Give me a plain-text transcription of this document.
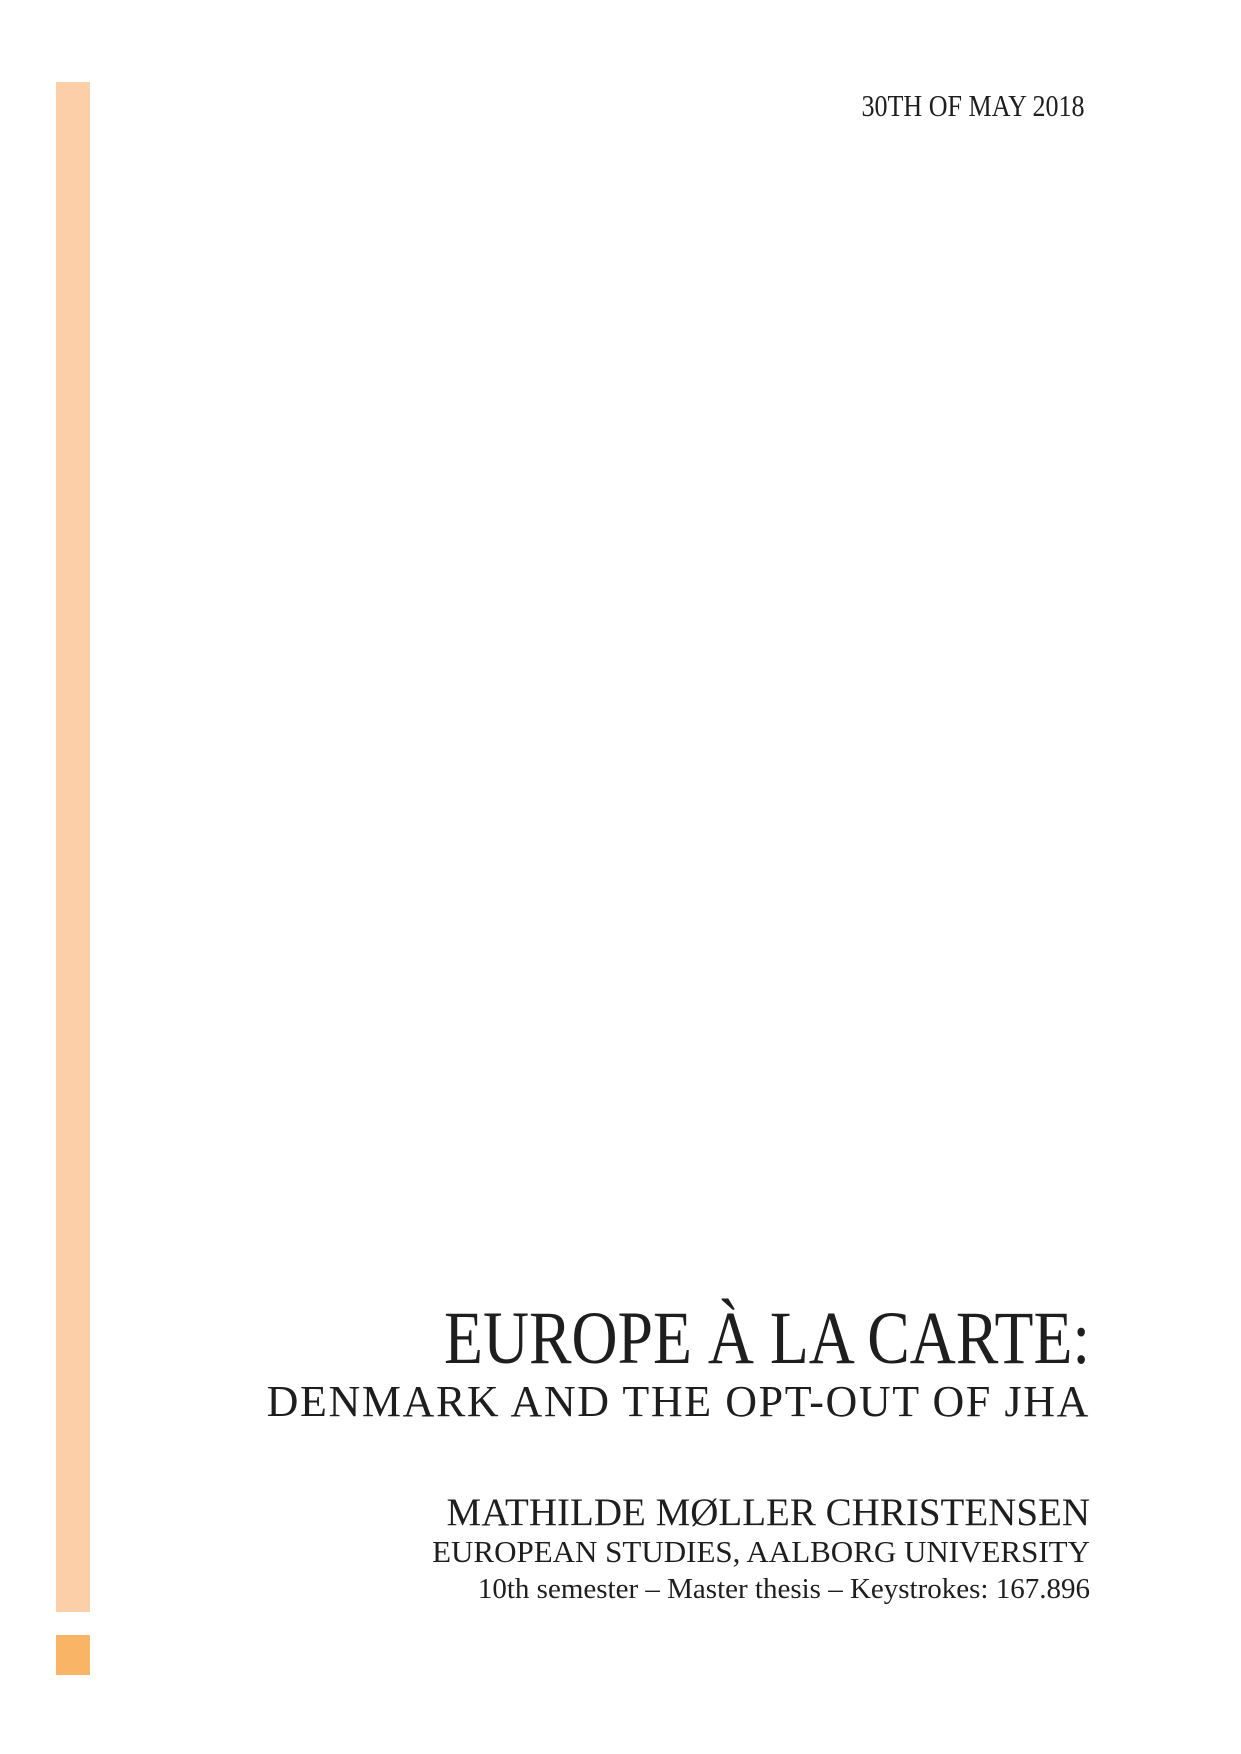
30TH OF MAY 2018
EUROPE À LA CARTE:
DENMARK AND THE OPT-OUT OF JHA
MATHILDE MØLLER CHRISTENSEN
EUROPEAN STUDIES, AALBORG UNIVERSITY
10th semester – Master thesis – Keystrokes: 167.896
